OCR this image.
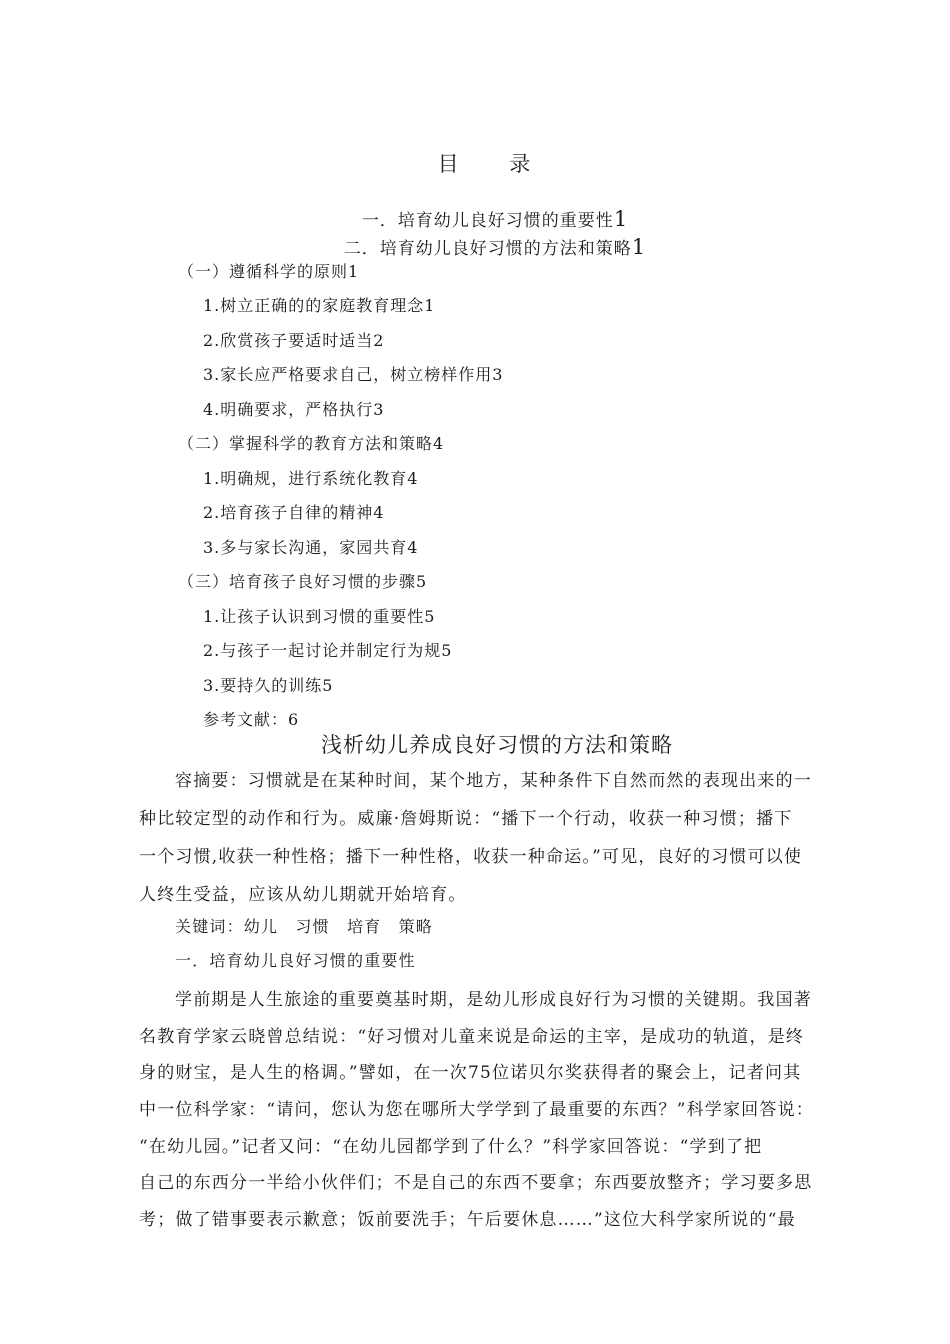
目 录
一．培育幼儿良好习惯的重要性1
二．培育幼儿良好习惯的方法和策略1
（一）遵循科学的原则1
1.树立正确的的家庭教育理念1
2.欣赏孩子要适时适当2
3.家长应严格要求自己，树立榜样作用3
4.明确要求，严格执行3
（二）掌握科学的教育方法和策略4
1.明确规，进行系统化教育4
2.培育孩子自律的精神4
3.多与家长沟通，家园共育4
（三）培育孩子良好习惯的步骤5
1.让孩子认识到习惯的重要性5
2.与孩子一起讨论并制定行为规5
3.要持久的训练5
参考文献：6
浅析幼儿养成良好习惯的方法和策略
容摘要：习惯就是在某种时间，某个地方，某种条件下自然而然的表现出来的一
种比较定型的动作和行为。威廉·詹姆斯说：“播下一个行动，收获一种习惯；播下
一个习惯,收获一种性格；播下一种性格，收获一种命运。”可见，良好的习惯可以使
人终生受益，应该从幼儿期就开始培育。
关键词：幼儿　习惯　培育　策略
一．培育幼儿良好习惯的重要性
学前期是人生旅途的重要奠基时期，是幼儿形成良好行为习惯的关键期。我国著
名教育学家云晓曾总结说：“好习惯对儿童来说是命运的主宰，是成功的轨道，是终
身的财宝，是人生的格调。”譬如，在一次75位诺贝尔奖获得者的聚会上，记者问其
中一位科学家：“请问，您认为您在哪所大学学到了最重要的东西？”科学家回答说：
“在幼儿园。”记者又问：“在幼儿园都学到了什么？”科学家回答说：“学到了把
自己的东西分一半给小伙伴们；不是自己的东西不要拿；东西要放整齐；学习要多思
考；做了错事要表示歉意；饭前要洗手；午后要休息……”这位大科学家所说的“最
